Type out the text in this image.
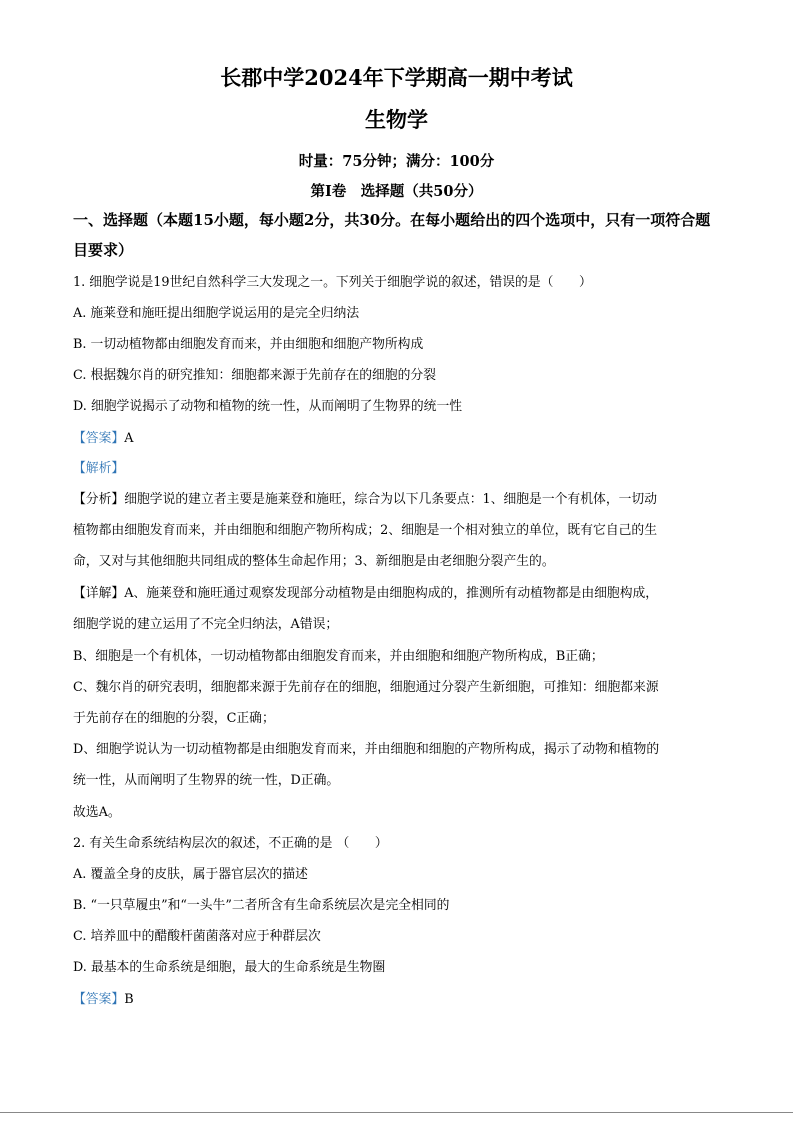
长郡中学2024年下学期高一期中考试
生物学
时量：75分钟；满分：100分
第I卷　选择题（共50分）
一、选择题（本题15小题，每小题2分，共30分。在每小题给出的四个选项中，只有一项符合题目要求）
1. 细胞学说是19世纪自然科学三大发现之一。下列关于细胞学说的叙述，错误的是（　　）
A. 施莱登和施旺提出细胞学说运用的是完全归纳法
B. 一切动植物都由细胞发育而来，并由细胞和细胞产物所构成
C. 根据魏尔肖的研究推知：细胞都来源于先前存在的细胞的分裂
D. 细胞学说揭示了动物和植物的统一性，从而阐明了生物界的统一性
【答案】A
【解析】
【分析】细胞学说的建立者主要是施莱登和施旺，综合为以下几条要点：1、细胞是一个有机体，一切动
植物都由细胞发育而来，并由细胞和细胞产物所构成；2、细胞是一个相对独立的单位，既有它自己的生
命，又对与其他细胞共同组成的整体生命起作用；3、新细胞是由老细胞分裂产生的。
【详解】A、施莱登和施旺通过观察发现部分动植物是由细胞构成的，推测所有动植物都是由细胞构成，
细胞学说的建立运用了不完全归纳法，A错误；
B、细胞是一个有机体，一切动植物都由细胞发育而来，并由细胞和细胞产物所构成，B正确；
C、魏尔肖的研究表明，细胞都来源于先前存在的细胞，细胞通过分裂产生新细胞，可推知：细胞都来源
于先前存在的细胞的分裂，C正确；
D、细胞学说认为一切动植物都是由细胞发育而来，并由细胞和细胞的产物所构成，揭示了动物和植物的
统一性，从而阐明了生物界的统一性，D正确。
故选A。
2. 有关生命系统结构层次的叙述，不正确的是 （　　）
A. 覆盖全身的皮肤，属于器官层次的描述
B. “一只草履虫”和“一头牛”二者所含有生命系统层次是完全相同的
C. 培养皿中的醋酸杆菌菌落对应于种群层次
D. 最基本的生命系统是细胞，最大的生命系统是生物圈
【答案】B
